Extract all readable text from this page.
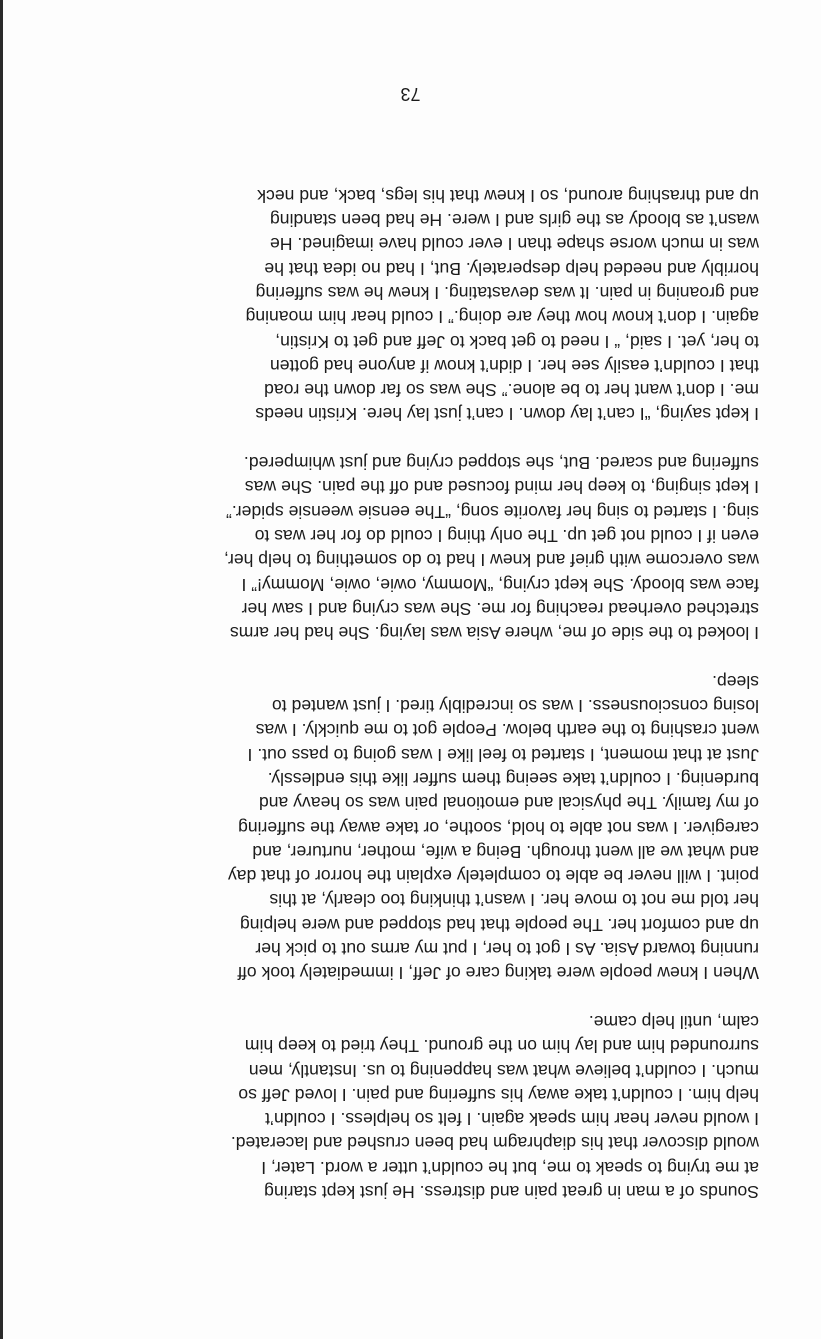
Sounds of a man in great pain and distress. He just kept staring
at me trying to speak to me, but he couldn’t utter a word. Later, I
would discover that his diaphragm had been crushed and lacerated.
I would never hear him speak again. I felt so helpless. I couldn’t
help him. I couldn’t take away his suffering and pain. I loved Jeff so
much. I couldn’t believe what was happening to us. Instantly, men
surrounded him and lay him on the ground. They tried to keep him
calm, until help came.

When I knew people were taking care of Jeff, I immediately took off
running toward Asia. As I got to her, I put my arms out to pick her
up and comfort her. The people that had stopped and were helping
her told me not to move her. I wasn’t thinking too clearly, at this
point. I will never be able to completely explain the horror of that day
and what we all went through. Being a wife, mother, nurturer, and
caregiver. I was not able to hold, soothe, or take away the suffering
of my family. The physical and emotional pain was so heavy and
burdening. I couldn’t take seeing them suffer like this endlessly.
Just at that moment, I started to feel like I was going to pass out. I
went crashing to the earth below. People got to me quickly. I was
losing consciousness. I was so incredibly tired. I just wanted to
sleep.

I looked to the side of me, where Asia was laying. She had her arms
stretched overhead reaching for me. She was crying and I saw her
face was bloody. She kept crying, “Mommy, owie, owie, Mommy!” I
was overcome with grief and knew I had to do something to help her,
even if I could not get up. The only thing I could do for her was to
sing. I started to sing her favorite song, “The eensie weensie spider.”
I kept singing, to keep her mind focused and off the pain. She was
suffering and scared. But, she stopped crying and just whimpered.

I kept saying, “I can’t lay down. I can’t just lay here. Kristin needs
me. I don’t want her to be alone.” She was so far down the road
that I couldn’t easily see her. I didn’t know if anyone had gotten
to her, yet. I said, “ I need to get back to Jeff and get to Kristin,
again. I don’t know how they are doing.” I could hear him moaning
and groaning in pain. It was devastating. I knew he was suffering
horribly and needed help desperately. But, I had no idea that he
was in much worse shape than I ever could have imagined. He
wasn’t as bloody as the girls and I were. He had been standing
up and thrashing around, so I knew that his legs, back, and neck

73
